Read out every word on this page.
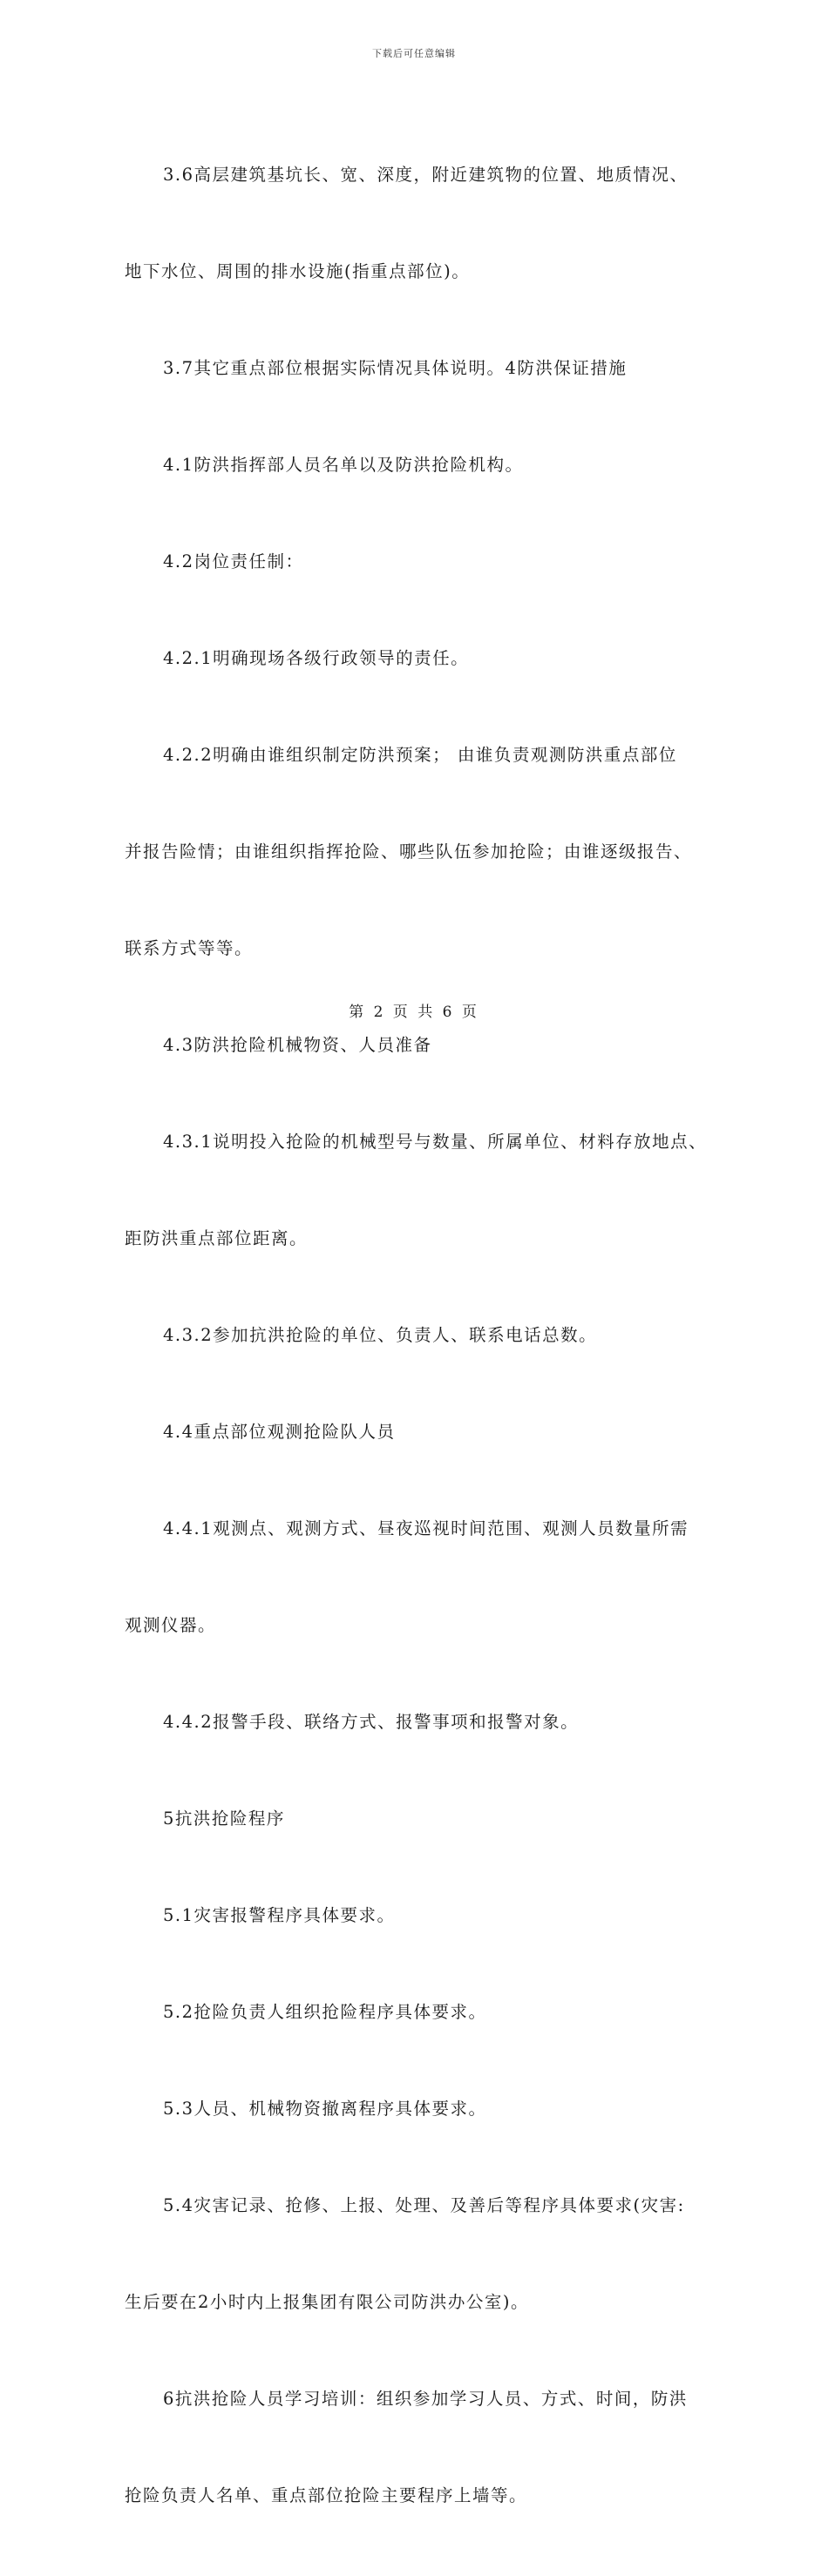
下载后可任意编辑

3.6高层建筑基坑长、宽、深度，附近建筑物的位置、地质情况、

地下水位、周围的排水设施(指重点部位)。

3.7其它重点部位根据实际情况具体说明。4防洪保证措施

4.1防洪指挥部人员名单以及防洪抢险机构。

4.2岗位责任制：

4.2.1明确现场各级行政领导的责任。

4.2.2明确由谁组织制定防洪预案； 由谁负责观测防洪重点部位

并报告险情；由谁组织指挥抢险、哪些队伍参加抢险；由谁逐级报告、

联系方式等等。

4.3防洪抢险机械物资、人员准备

4.3.1说明投入抢险的机械型号与数量、所属单位、材料存放地点、

距防洪重点部位距离。

4.3.2参加抗洪抢险的单位、负责人、联系电话总数。

4.4重点部位观测抢险队人员

4.4.1观测点、观测方式、昼夜巡视时间范围、观测人员数量所需

观测仪器。

4.4.2报警手段、联络方式、报警事项和报警对象。

5抗洪抢险程序

5.1灾害报警程序具体要求。

5.2抢险负责人组织抢险程序具体要求。

5.3人员、机械物资撤离程序具体要求。

5.4灾害记录、抢修、上报、处理、及善后等程序具体要求(灾害:

生后要在2小时内上报集团有限公司防洪办公室)。

6抗洪抢险人员学习培训：组织参加学习人员、方式、时间，防洪

抢险负责人名单、重点部位抢险主要程序上墙等。

第 2 页 共 6 页
